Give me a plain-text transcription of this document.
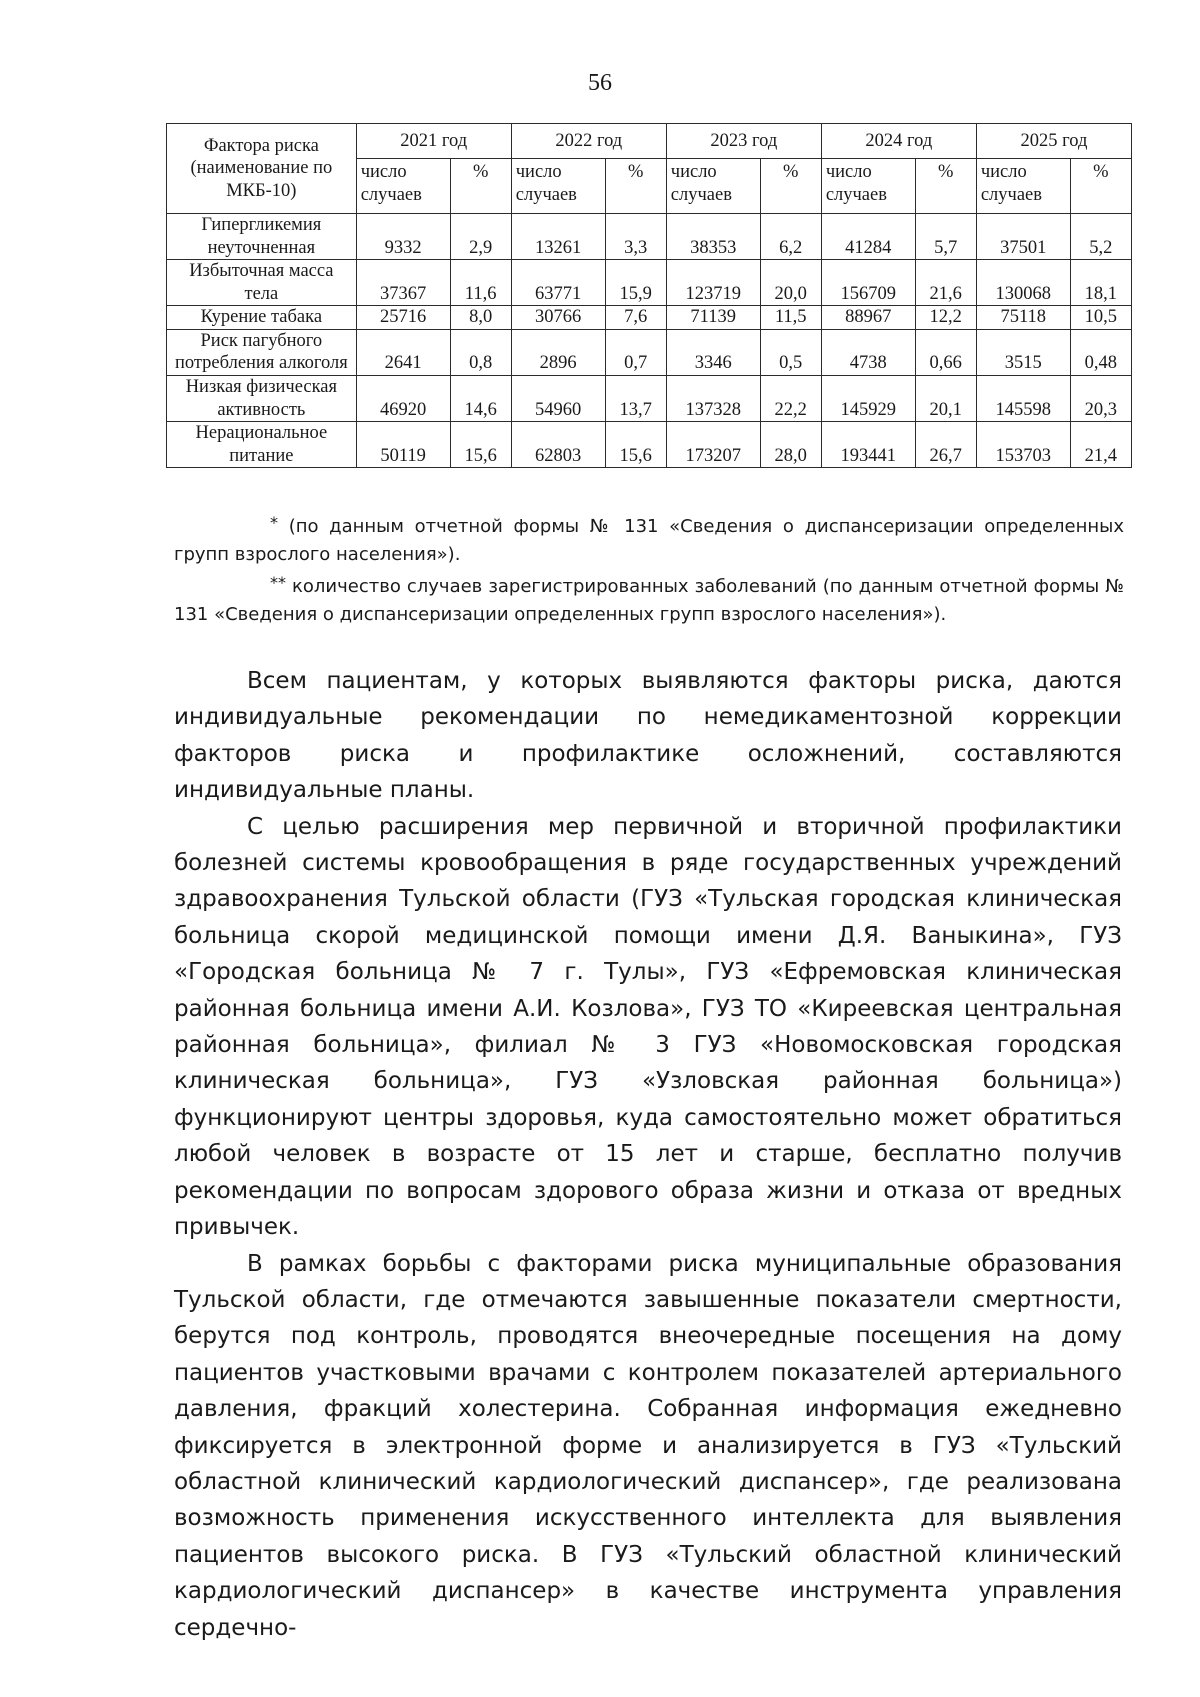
56
Фактора риска (наименование по МКБ-10)	2021 год		2022 год		2023 год		2024 год		2025 год	
	число случаев	%	число случаев	%	число случаев	%	число случаев	%	число случаев	%
Гипергликемия неуточненная	9332	2,9	13261	3,3	38353	6,2	41284	5,7	37501	5,2
Избыточная масса тела	37367	11,6	63771	15,9	123719	20,0	156709	21,6	130068	18,1
Курение табака	25716	8,0	30766	7,6	71139	11,5	88967	12,2	75118	10,5
Риск пагубного потребления алкоголя	2641	0,8	2896	0,7	3346	0,5	4738	0,66	3515	0,48
Низкая физическая активность	46920	14,6	54960	13,7	137328	22,2	145929	20,1	145598	20,3
Нерациональное питание	50119	15,6	62803	15,6	173207	28,0	193441	26,7	153703	21,4

* (по данным отчетной формы № 131 «Сведения о диспансеризации определенных групп взрослого населения»).

** количество случаев зарегистрированных заболеваний (по данным отчетной формы № 131 «Сведения о диспансеризации определенных групп взрослого населения»).

Всем пациентам, у которых выявляются факторы риска, даются индивидуальные рекомендации по немедикаментозной коррекции факторов риска и профилактике осложнений, составляются индивидуальные планы.

С целью расширения мер первичной и вторичной профилактики болезней системы кровообращения в ряде государственных учреждений здравоохранения Тульской области (ГУЗ «Тульская городская клиническая больница скорой медицинской помощи имени Д.Я. Ваныкина», ГУЗ «Городская больница № 7 г. Тулы», ГУЗ «Ефремовская клиническая районная больница имени А.И. Козлова», ГУЗ ТО «Киреевская центральная районная больница», филиал № 3 ГУЗ «Новомосковская городская клиническая больница», ГУЗ «Узловская районная больница») функционируют центры здоровья, куда самостоятельно может обратиться любой человек в возрасте от 15 лет и старше, бесплатно получив рекомендации по вопросам здорового образа жизни и отказа от вредных привычек.

В рамках борьбы с факторами риска муниципальные образования Тульской области, где отмечаются завышенные показатели смертности, берутся под контроль, проводятся внеочередные посещения на дому пациентов участковыми врачами с контролем показателей артериального давления, фракций холестерина. Собранная информация ежедневно фиксируется в электронной форме и анализируется в ГУЗ «Тульский областной клинический кардиологический диспансер», где реализована возможность применения искусственного интеллекта для выявления пациентов высокого риска. В ГУЗ «Тульский областной клинический кардиологический диспансер» в качестве инструмента управления сердечно-
